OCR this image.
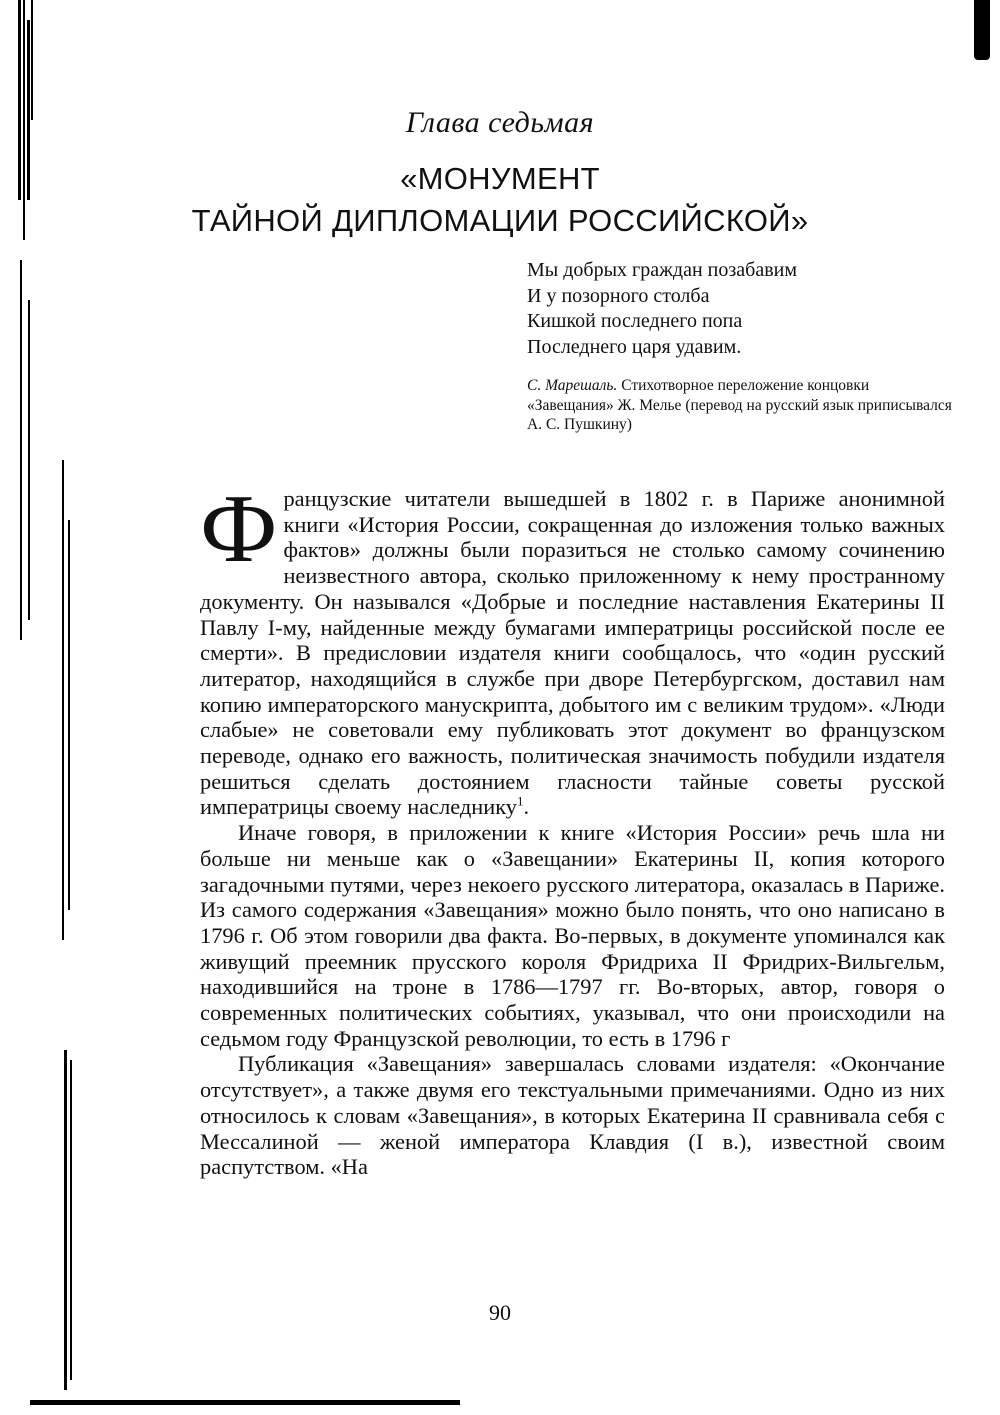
Глава седьмая
«МОНУМЕНТ
ТАЙНОЙ ДИПЛОМАЦИИ РОССИЙСКОЙ»
Мы добрых граждан позабавим
И у позорного столба
Кишкой последнего попа
Последнего царя удавим.
С. Марешаль. Стихотворное переложение концовки «Завещания» Ж. Мелье (перевод на русский язык приписывался А. С. Пушкину)

Французские читатели вышедшей в 1802 г. в Париже анонимной книги «История России, сокращенная до изложения только важных фактов» должны были поразиться не столько самому сочинению неизвестного автора, сколько приложенному к нему пространному документу. Он назывался «Добрые и последние наставления Екатерины II Павлу I-му, найденные между бумагами императрицы российской после ее смерти». В предисловии издателя книги сообщалось, что «один русский литератор, находящийся в службе при дворе Петербургском, доставил нам копию императорского манускрипта, добытого им с великим трудом». «Люди слабые» не советовали ему публиковать этот документ во французском переводе, однако его важность, политическая значимость побудили издателя решиться сделать достоянием гласности тайные советы русской императрицы своему наследнику$^1$.

Иначе говоря, в приложении к книге «История России» речь шла ни больше ни меньше как о «Завещании» Екатерины II, копия которого загадочными путями, через некоего русского литератора, оказалась в Париже. Из самого содержания «Завещания» можно было понять, что оно написано в 1796 г. Об этом говорили два факта. Во-первых, в документе упоминался как живущий преемник прусского короля Фридриха II Фридрих-Вильгельм, находившийся на троне в 1786—1797 гг. Во-вторых, автор, говоря о современных политических событиях, указывал, что они происходили на седьмом году Французской революции, то есть в 1796 г

Публикация «Завещания» завершалась словами издателя: «Окончание отсутствует», а также двумя его текстуальными примечаниями. Одно из них относилось к словам «Завещания», в которых Екатерина II сравнивала себя с Мессалиной — женой императора Клавдия (I в.), известной своим распутством. «На

90
